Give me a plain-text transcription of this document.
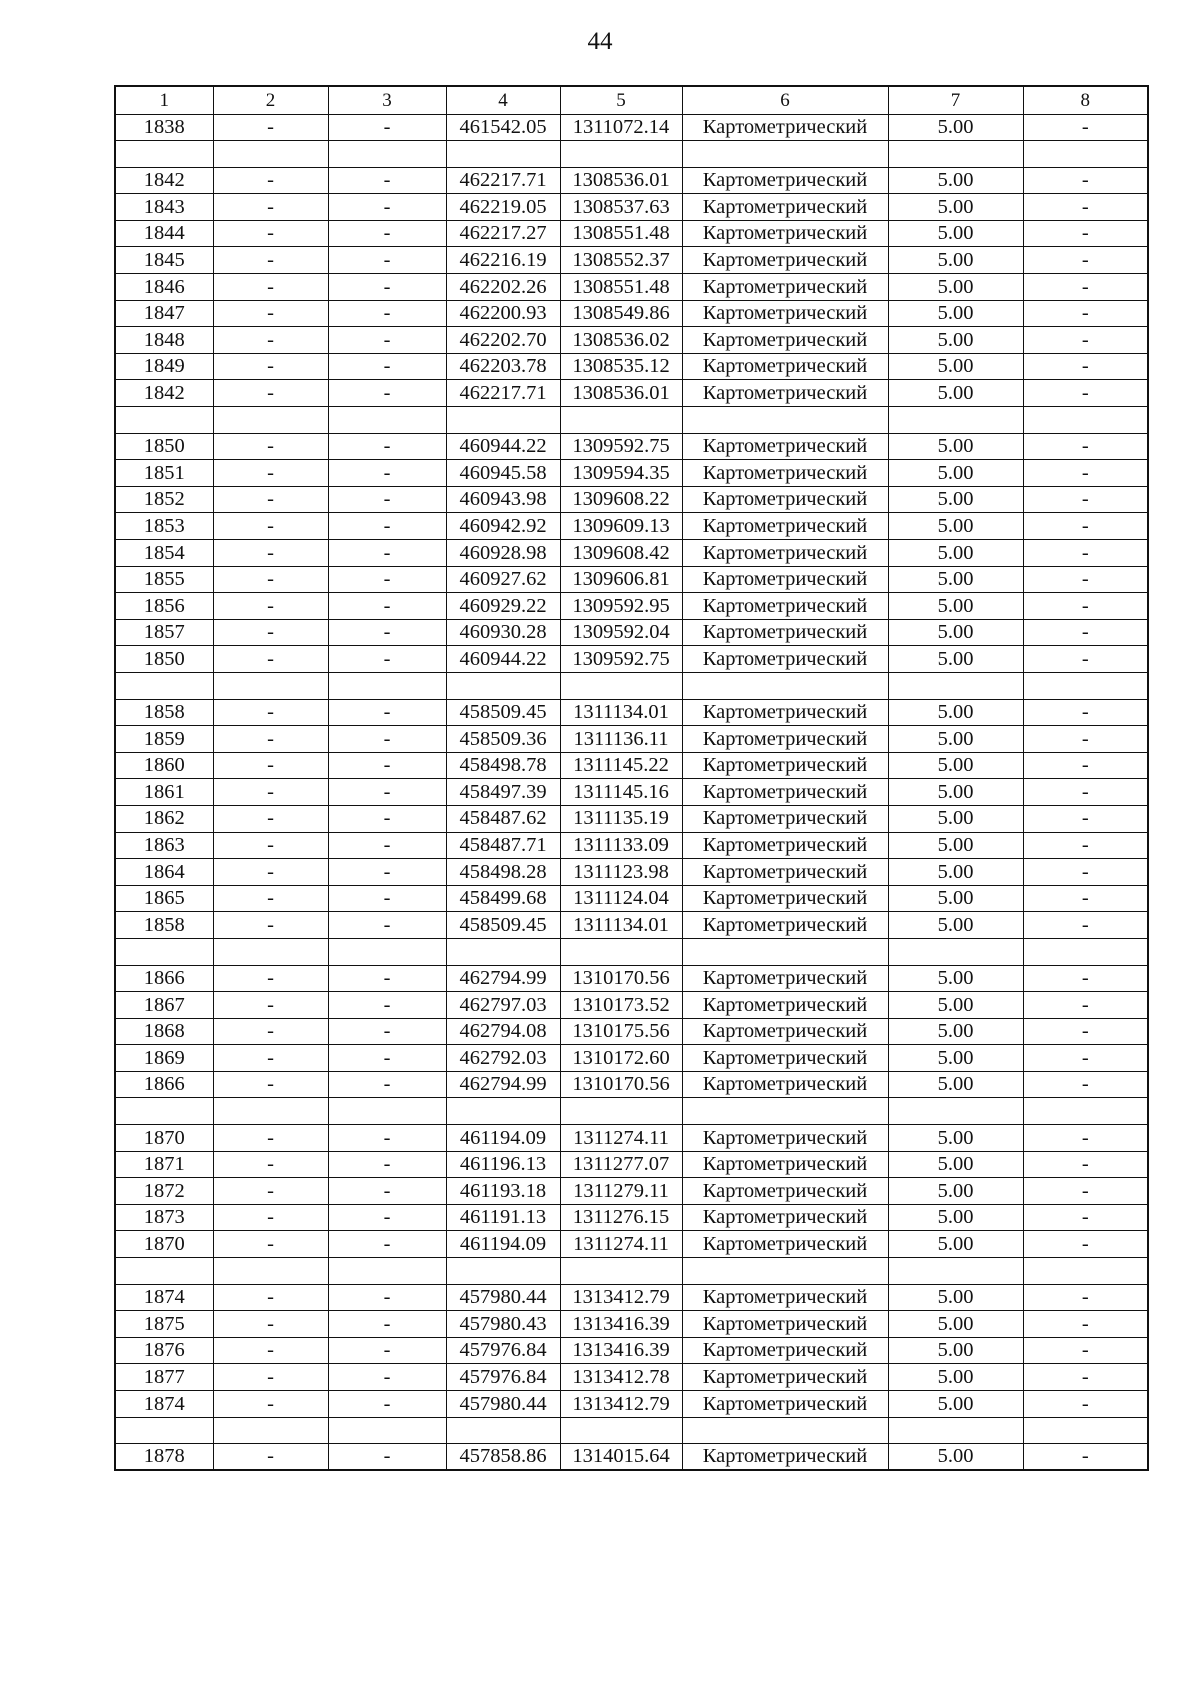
44
1	2	3	4	5	6	7	8
1838	-	-	461542.05	1311072.14	Картометрический	5.00	-

1842	-	-	462217.71	1308536.01	Картометрический	5.00	-
1843	-	-	462219.05	1308537.63	Картометрический	5.00	-
1844	-	-	462217.27	1308551.48	Картометрический	5.00	-
1845	-	-	462216.19	1308552.37	Картометрический	5.00	-
1846	-	-	462202.26	1308551.48	Картометрический	5.00	-
1847	-	-	462200.93	1308549.86	Картометрический	5.00	-
1848	-	-	462202.70	1308536.02	Картометрический	5.00	-
1849	-	-	462203.78	1308535.12	Картометрический	5.00	-
1842	-	-	462217.71	1308536.01	Картометрический	5.00	-

1850	-	-	460944.22	1309592.75	Картометрический	5.00	-
1851	-	-	460945.58	1309594.35	Картометрический	5.00	-
1852	-	-	460943.98	1309608.22	Картометрический	5.00	-
1853	-	-	460942.92	1309609.13	Картометрический	5.00	-
1854	-	-	460928.98	1309608.42	Картометрический	5.00	-
1855	-	-	460927.62	1309606.81	Картометрический	5.00	-
1856	-	-	460929.22	1309592.95	Картометрический	5.00	-
1857	-	-	460930.28	1309592.04	Картометрический	5.00	-
1850	-	-	460944.22	1309592.75	Картометрический	5.00	-

1858	-	-	458509.45	1311134.01	Картометрический	5.00	-
1859	-	-	458509.36	1311136.11	Картометрический	5.00	-
1860	-	-	458498.78	1311145.22	Картометрический	5.00	-
1861	-	-	458497.39	1311145.16	Картометрический	5.00	-
1862	-	-	458487.62	1311135.19	Картометрический	5.00	-
1863	-	-	458487.71	1311133.09	Картометрический	5.00	-
1864	-	-	458498.28	1311123.98	Картометрический	5.00	-
1865	-	-	458499.68	1311124.04	Картометрический	5.00	-
1858	-	-	458509.45	1311134.01	Картометрический	5.00	-

1866	-	-	462794.99	1310170.56	Картометрический	5.00	-
1867	-	-	462797.03	1310173.52	Картометрический	5.00	-
1868	-	-	462794.08	1310175.56	Картометрический	5.00	-
1869	-	-	462792.03	1310172.60	Картометрический	5.00	-
1866	-	-	462794.99	1310170.56	Картометрический	5.00	-

1870	-	-	461194.09	1311274.11	Картометрический	5.00	-
1871	-	-	461196.13	1311277.07	Картометрический	5.00	-
1872	-	-	461193.18	1311279.11	Картометрический	5.00	-
1873	-	-	461191.13	1311276.15	Картометрический	5.00	-
1870	-	-	461194.09	1311274.11	Картометрический	5.00	-

1874	-	-	457980.44	1313412.79	Картометрический	5.00	-
1875	-	-	457980.43	1313416.39	Картометрический	5.00	-
1876	-	-	457976.84	1313416.39	Картометрический	5.00	-
1877	-	-	457976.84	1313412.78	Картометрический	5.00	-
1874	-	-	457980.44	1313412.79	Картометрический	5.00	-

1878	-	-	457858.86	1314015.64	Картометрический	5.00	-
